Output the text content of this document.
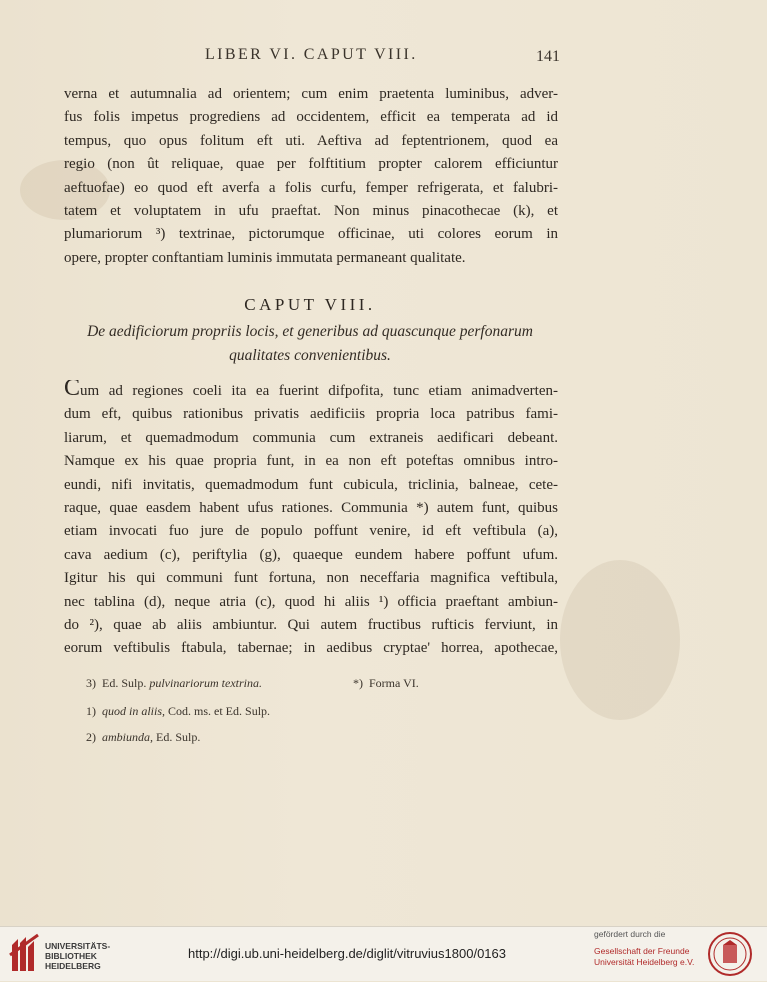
LIBER VI. CAPUT VIII.	141
verna et autumnalia ad orientem; cum enim praetenta luminibus, adver-
fus folis impetus progrediens ad occidentem, efficit ea temperata ad id
tempus, quo opus folitum eft uti. Aeftiva ad feptentrionem, quod ea
regio (non ût reliquae, quae per folftitium propter calorem efficiuntur
aeftuofae) eo quod eft averfa a folis curfu, femper refrigerata, et falubri-
tatem et voluptatem in ufu praeftat. Non minus pinacothecae (k), et
plumariorum ³) textrinae, pictorumque officinae, uti colores eorum in
opere, propter conftantiam luminis immutata permaneant qualitate.
CAPUT VIII.
De aedificiorum propriis locis, et generibus ad quascunque perfonarum
qualitates convenientibus.
Cum ad regiones coeli ita ea fuerint difpofita, tunc etiam animadverten-
dum eft, quibus rationibus privatis aedificiis propria loca patribus fami-
liarum, et quemadmodum communia cum extraneis aedificari debeant.
Namque ex his quae propria funt, in ea non eft poteftas omnibus intro-
eundi, nifi invitatis, quemadmodum funt cubicula, triclinia, balneae, cete-
raque, quae easdem habent ufus rationes. Communia *) autem funt, quibus
etiam invocati fuo jure de populo poffunt venire, id eft veftibula (a),
cava aedium (c), periftylia (g), quaeque eundem habere poffunt ufum.
Igitur his qui communi funt fortuna, non neceffaria magnifica veftibula,
nec tablina (d), neque atria (c), quod hi aliis ¹) officia praeftant ambiun-
do ²), quae ab aliis ambiuntur. Qui autem fructibus rufticis ferviunt, in
eorum veftibulis ftabula, tabernae; in aedibus cryptae' horrea, apothecae,
3) Ed. Sulp. pulvinariorum textrina.	*) Forma VI.
1) quod in aliis, Cod. ms. et Ed. Sulp.
2) ambiunda, Ed. Sulp.
UNIVERSITÄTS-
BIBLIOTHEK
HEIDELBERG
http://digi.ub.uni-heidelberg.de/diglit/vitruvius1800/0163
gefördert durch die
Gesellschaft der Freunde
Universität Heidelberg e.V.
